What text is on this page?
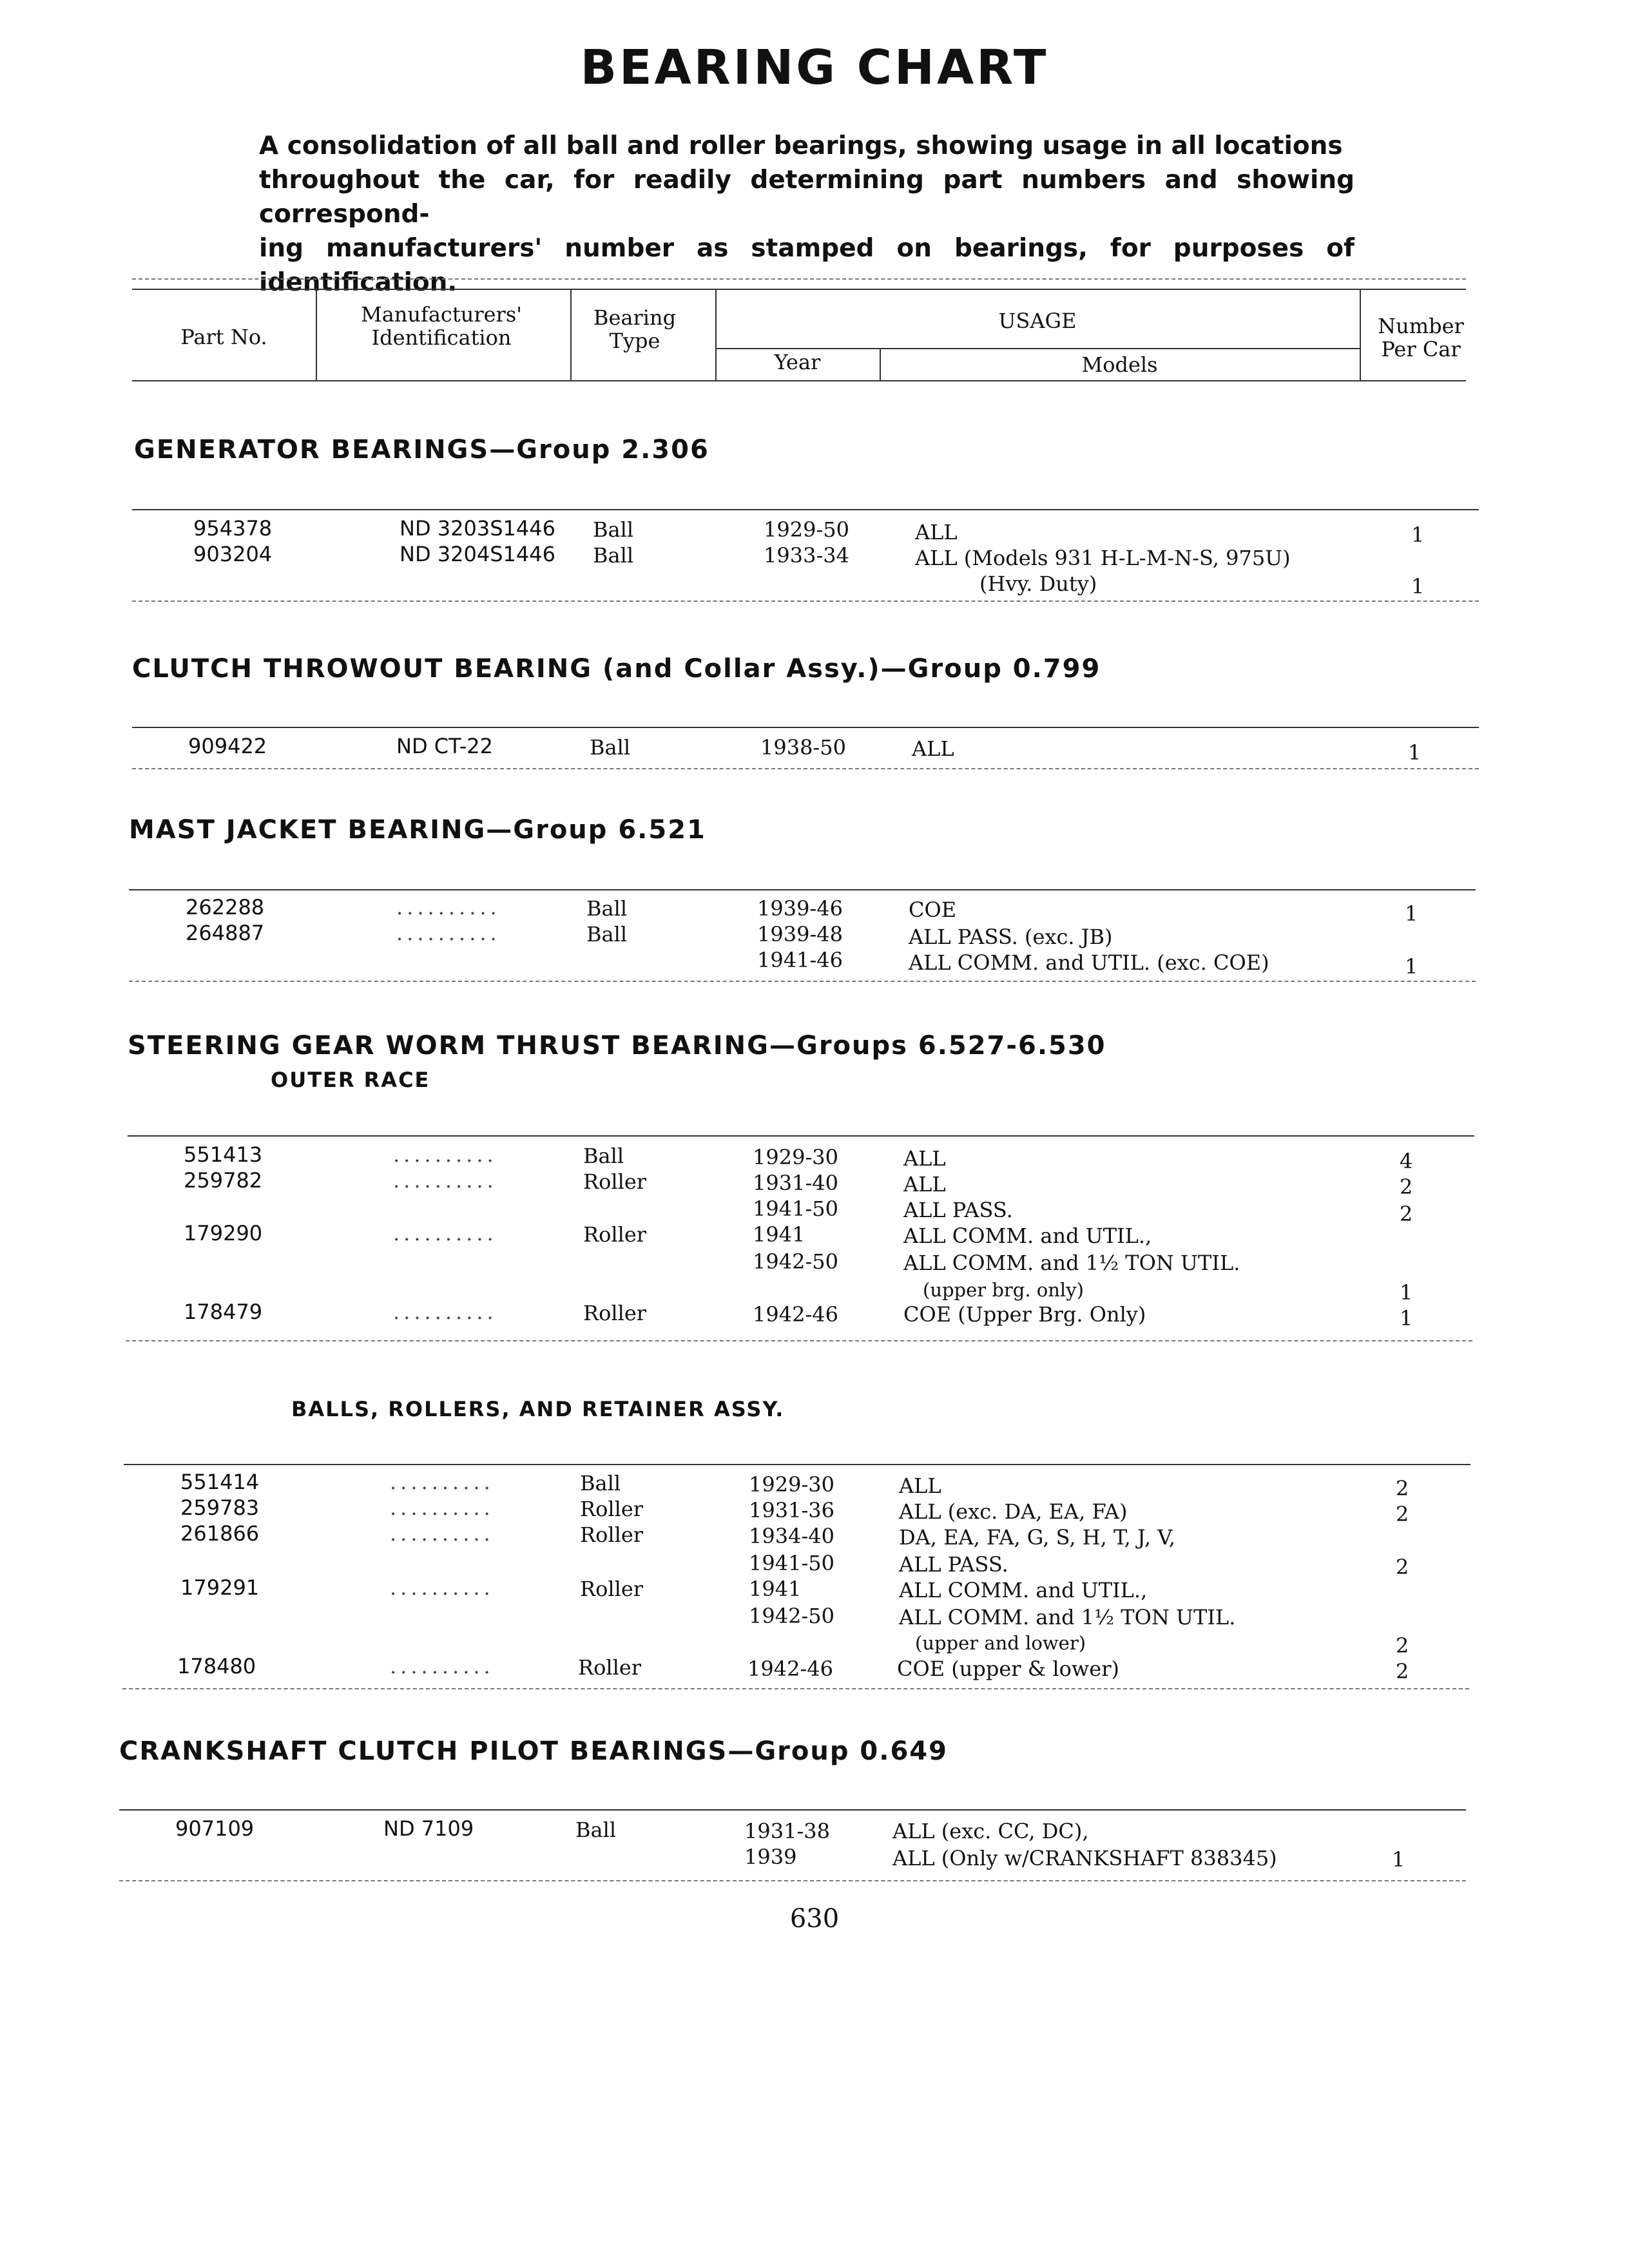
BEARING CHART
A consolidation of all ball and roller bearings, showing usage in all locations
throughout the car, for readily determining part numbers and showing correspond-
ing manufacturers' number as stamped on bearings, for purposes of identification.
Part No.
Manufacturers' Identification
Bearing Type
USAGE
Year	Models
Number Per Car
GENERATOR BEARINGS—Group 2.306
954378	ND 3203S1446 Ball	1929-50	ALL	1
903204	ND 3204S1446 Ball	1933-34	ALL (Models 931 H-L-M-N-S, 975U)
(Hvy. Duty)	1
CLUTCH THROWOUT BEARING (and Collar Assy.)—Group 0.799
909422	ND CT-22	Ball	1938-50	ALL	1
MAST JACKET BEARING—Group 6.521
262288	..........	Ball	1939-46	COE	1
264887	..........	Ball	1939-48	ALL PASS. (exc. JB)
1941-46	ALL COMM. and UTIL. (exc. COE)	1
STEERING GEAR WORM THRUST BEARING—Groups 6.527-6.530
OUTER RACE
551413	..........	Ball	1929-30	ALL	4
259782	..........	Roller	1931-40	ALL	2
1941-50	ALL PASS.	2
179290	..........	Roller	1941	ALL COMM. and UTIL.,
1942-50	ALL COMM. and 1½ TON UTIL.
(upper brg. only)	1
178479	..........	Roller	1942-46	COE (Upper Brg. Only)	1
BALLS, ROLLERS, AND RETAINER ASSY.
551414	..........	Ball	1929-30	ALL	2
259783	..........	Roller	1931-36	ALL (exc. DA, EA, FA)	2
261866	..........	Roller	1934-40	DA, EA, FA, G, S, H, T, J, V,
1941-50	ALL PASS.	2
179291	..........	Roller	1941	ALL COMM. and UTIL.,
1942-50	ALL COMM. and 1½ TON UTIL.
(upper and lower)	2
178480	..........	Roller	1942-46	COE (upper & lower)	2
CRANKSHAFT CLUTCH PILOT BEARINGS—Group 0.649
907109	ND 7109	Ball	1931-38	ALL (exc. CC, DC),
1939	ALL (Only w/CRANKSHAFT 838345)	1
630
